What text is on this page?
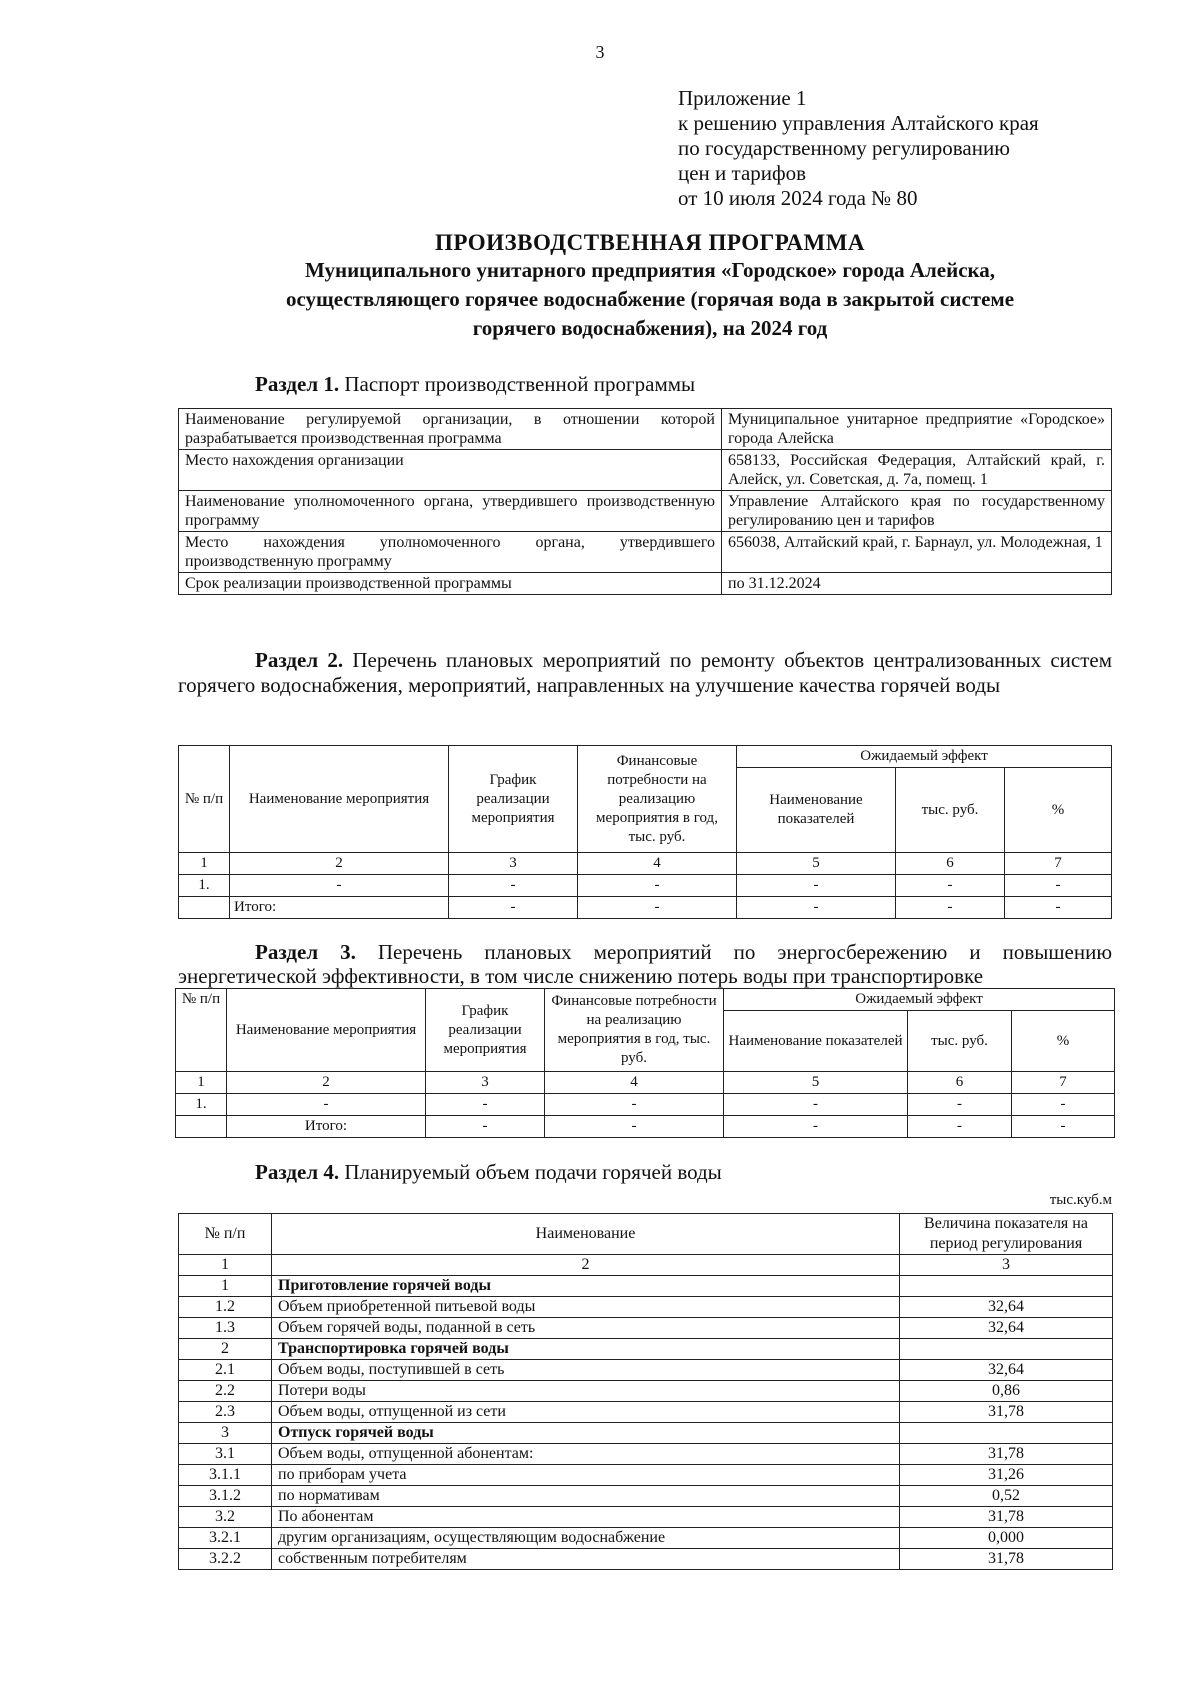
3
Приложение 1
к решению управления Алтайского края
по государственному регулированию
цен и тарифов
от 10 июля 2024 года № 80
ПРОИЗВОДСТВЕННАЯ ПРОГРАММА
Муниципального унитарного предприятия «Городское» города Алейска,
осуществляющего горячее водоснабжение (горячая вода в закрытой системе
горячего водоснабжения), на 2024 год
Раздел 1. Паспорт производственной программы
Наименование регулируемой организации, в отношении которой разрабатывается производственная программа	Муниципальное унитарное предприятие «Городское» города Алейска
Место нахождения организации	658133, Российская Федерация, Алтайский край, г. Алейск, ул. Советская, д. 7а, помещ. 1
Наименование уполномоченного органа, утвердившего производственную программу	Управление Алтайского края по государственному регулированию цен и тарифов
Место нахождения уполномоченного органа, утвердившего производственную программу	656038, Алтайский край, г. Барнаул, ул. Молодежная, 1
Срок реализации производственной программы	по 31.12.2024
Раздел 2. Перечень плановых мероприятий по ремонту объектов централизованных систем горячего водоснабжения, мероприятий, направленных на улучшение качества горячей воды
№ п/п	Наименование мероприятия	График реализации мероприятия	Финансовые потребности на реализацию мероприятия в год, тыс. руб.	Ожидаемый эффект		
				Наименование показателей	тыс. руб.	%
1	2	3	4	5	6	7
1.	-	-	-	-	-	-
	Итого:	-	-	-	-	-
Раздел 3. Перечень плановых мероприятий по энергосбережению и повышению энергетической эффективности, в том числе снижению потерь воды при транспортировке
№ п/п	Наименование мероприятия	График реализации мероприятия	Финансовые потребности на реализацию мероприятия в год, тыс. руб.	Ожидаемый эффект		
				Наименование показателей	тыс. руб.	%
1	2	3	4	5	6	7
1.	-	-	-	-	-	-
	Итого:	-	-	-	-	-
Раздел 4. Планируемый объем подачи горячей воды
тыс.куб.м
№ п/п	Наименование	Величина показателя на период регулирования
1	2	3
1	Приготовление горячей воды	
1.2	Объем приобретенной питьевой воды	32,64
1.3	Объем горячей воды, поданной в сеть	32,64
2	Транспортировка горячей воды	
2.1	Объем воды, поступившей в сеть	32,64
2.2	Потери воды	0,86
2.3	Объем воды, отпущенной из сети	31,78
3	Отпуск горячей воды	
3.1	Объем воды, отпущенной абонентам:	31,78
3.1.1	по приборам учета	31,26
3.1.2	по нормативам	0,52
3.2	По абонентам	31,78
3.2.1	другим организациям, осуществляющим водоснабжение	0,000
3.2.2	собственным потребителям	31,78
